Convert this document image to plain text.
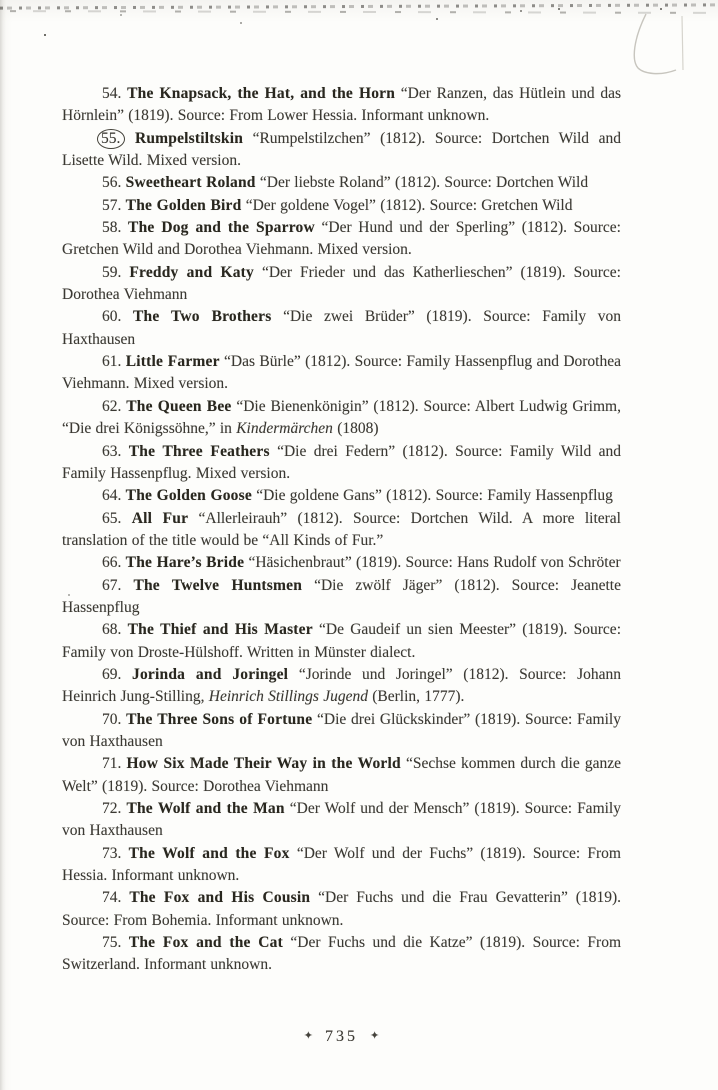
54. The Knapsack, the Hat, and the Horn “Der Ranzen, das Hütlein und das Hörnlein” (1819). Source: From Lower Hessia. Informant unknown.

55. Rumpelstiltskin “Rumpelstilzchen” (1812). Source: Dortchen Wild and Lisette Wild. Mixed version.

56. Sweetheart Roland “Der liebste Roland” (1812). Source: Dortchen Wild

57. The Golden Bird “Der goldene Vogel” (1812). Source: Gretchen Wild

58. The Dog and the Sparrow “Der Hund und der Sperling” (1812). Source: Gretchen Wild and Dorothea Viehmann. Mixed version.

59. Freddy and Katy “Der Frieder und das Katherlieschen” (1819). Source: Dorothea Viehmann

60. The Two Brothers “Die zwei Brüder” (1819). Source: Family von Haxthausen

61. Little Farmer “Das Bürle” (1812). Source: Family Hassenpflug and Dorothea Viehmann. Mixed version.

62. The Queen Bee “Die Bienenkönigin” (1812). Source: Albert Ludwig Grimm, “Die drei Königssöhne,” in Kindermärchen (1808)

63. The Three Feathers “Die drei Federn” (1812). Source: Family Wild and Family Hassenpflug. Mixed version.

64. The Golden Goose “Die goldene Gans” (1812). Source: Family Hassenpflug

65. All Fur “Allerleirauh” (1812). Source: Dortchen Wild. A more literal translation of the title would be “All Kinds of Fur.”

66. The Hare’s Bride “Häsichenbraut” (1819). Source: Hans Rudolf von Schröter

67. The Twelve Huntsmen “Die zwölf Jäger” (1812). Source: Jeanette Hassenpflug

68. The Thief and His Master “De Gaudeif un sien Meester” (1819). Source: Family von Droste-Hülshoff. Written in Münster dialect.

69. Jorinda and Joringel “Jorinde und Joringel” (1812). Source: Johann Heinrich Jung-Stilling, Heinrich Stillings Jugend (Berlin, 1777).

70. The Three Sons of Fortune “Die drei Glückskinder” (1819). Source: Family von Haxthausen

71. How Six Made Their Way in the World “Sechse kommen durch die ganze Welt” (1819). Source: Dorothea Viehmann

72. The Wolf and the Man “Der Wolf und der Mensch” (1819). Source: Family von Haxthausen

73. The Wolf and the Fox “Der Wolf und der Fuchs” (1819). Source: From Hessia. Informant unknown.

74. The Fox and His Cousin “Der Fuchs und die Frau Gevatterin” (1819). Source: From Bohemia. Informant unknown.

75. The Fox and the Cat “Der Fuchs und die Katze” (1819). Source: From Switzerland. Informant unknown.

✦ 735 ✦
